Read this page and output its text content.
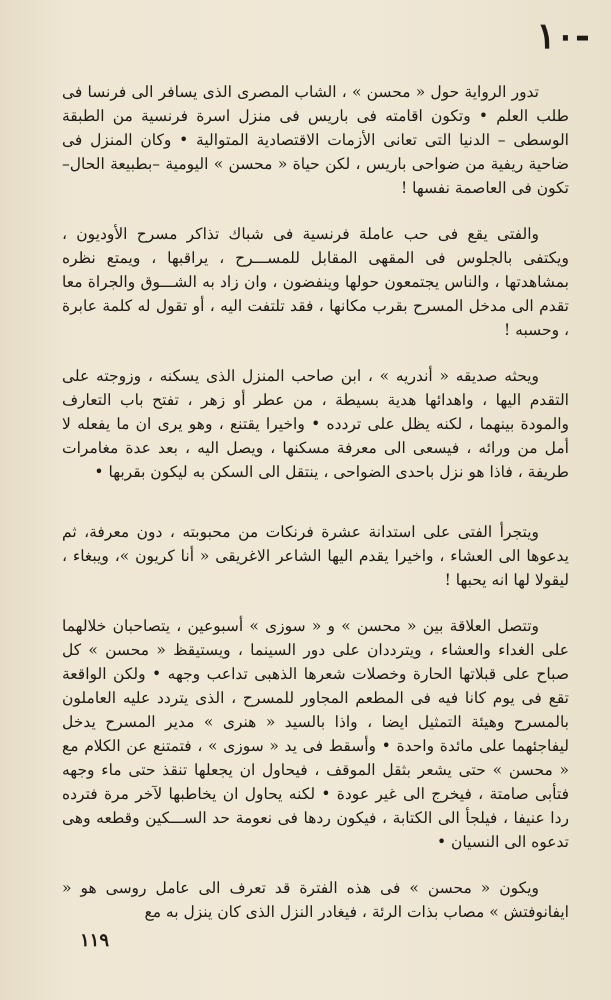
-١٠

تدور الرواية حول « محسن » ، الشاب المصرى الذى يسافر الى فرنسا فى طلب العلم • وتكون اقامته فى باريس فى منزل اسرة فرنسية من الطبقة الوسطى – الدنيا التى تعانى الأزمات الاقتصادية المتوالية • وكان المنزل فى ضاحية ريفية من ضواحى باريس ، لكن حياة « محسن » اليومية –بطبيعة الحال– تكون فى العاصمة نفسها !

والفتى يقع فى حب عاملة فرنسية فى شباك تذاكر مسرح الأوديون ، ويكتفى بالجلوس فى المقهى المقابل للمســـرح ، يراقبها ، ويمتع نظره بمشاهدتها ، والناس يجتمعون حولها وينفضون ، وان زاد به الشـــوق والجراة معا تقدم الى مدخل المسرح بقرب مكانها ، فقد تلتفت اليه ، أو تقول له كلمة عابرة ، وحسبه !

ويحثه صديقه « أندريه » ، ابن صاحب المنزل الذى يسكنه ، وزوجته على التقدم اليها ، واهدائها هدية بسيطة ، من عطر أو زهر ، تفتح باب التعارف والمودة بينهما ، لكنه يظل على تردده • واخيرا يقتنع ، وهو يرى ان ما يفعله لا أمل من ورائه ، فيسعى الى معرفة مسكنها ، ويصل اليه ، بعد عدة مغامرات طريفة ، فاذا هو نزل باحدى الضواحى ، ينتقل الى السكن به ليكون بقربها •

ويتجرأ الفتى على استدانة عشرة فرنكات من محبوبته ، دون معرفة، ثم يدعوها الى العشاء ، واخيرا يقدم اليها الشاعر الاغريقى « أنا كريون »، ويبغاء ، ليقولا لها انه يحبها !

وتتصل العلاقة بين « محسن » و « سوزى » أسبوعين ، يتصاحبان خلالهما على الغداء والعشاء ، ويترددان على دور السينما ، ويستيقظ « محسن » كل صباح على قبلاتها الحارة وخصلات شعرها الذهبى تداعب وجهه • ولكن الواقعة تقع فى يوم كانا فيه فى المطعم المجاور للمسرح ، الذى يتردد عليه العاملون بالمسرح وهيئة التمثيل ايضا ، واذا بالسيد « هنرى » مدير المسرح يدخل ليفاجئهما على مائدة واحدة • وأسقط فى يد « سوزى » ، فتمتنع عن الكلام مع « محسن » حتى يشعر بثقل الموقف ، فيحاول ان يجعلها تنقذ حتى ماء وجهه فتأبى صامتة ، فيخرج الى غير عودة • لكنه يحاول ان يخاطبها لآخر مرة فترده ردا عنيفا ، فيلجأ الى الكتابة ، فيكون ردها فى نعومة حد الســـكين وقطعه وهى تدعوه الى النسيان •

ويكون « محسن » فى هذه الفترة قد تعرف الى عامل روسى هو « ايفانوفتش » مصاب بذات الرئة ، فيغادر النزل الذى كان ينزل به مع

١١٩
